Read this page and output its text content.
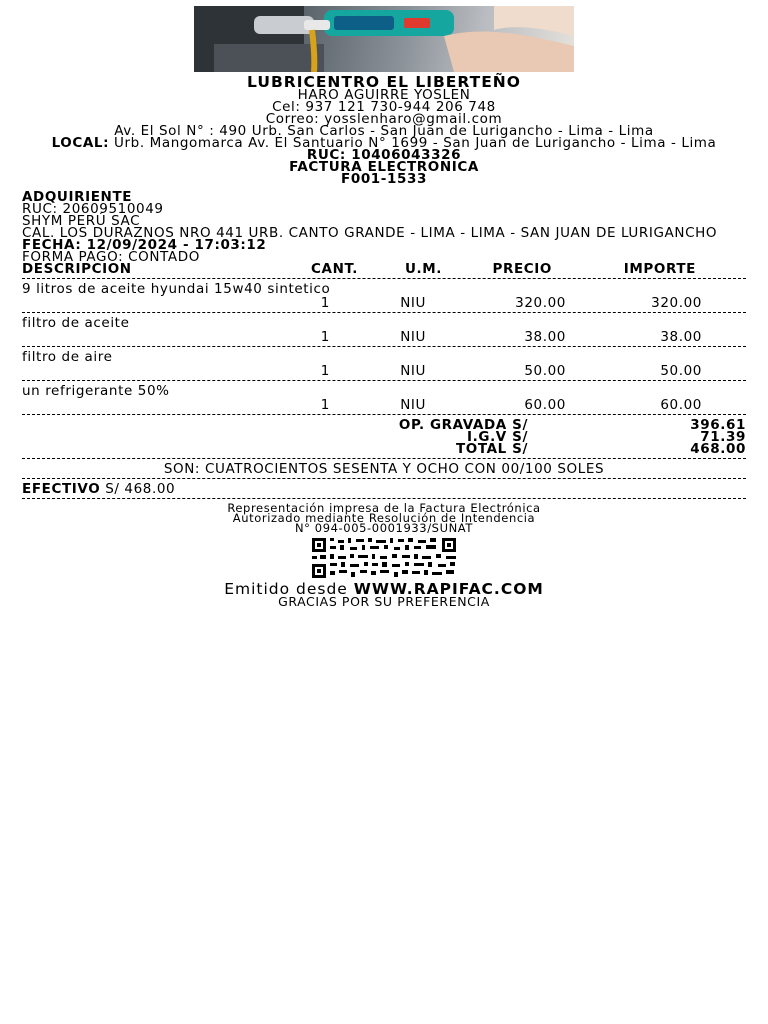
LUBRICENTRO EL LIBERTEÑO
HARO AGUIRRE YOSLEN
Cel: 937 121 730-944 206 748
Correo: yosslenharo@gmail.com
Av. El Sol N° : 490 Urb. San Carlos - San Juan de Lurigancho - Lima - Lima
LOCAL: Urb. Mangomarca Av. El Santuario N° 1699 - San Juan de Lurigancho - Lima - Lima
RUC: 10406043326
FACTURA ELECTRONICA
F001-1533
ADQUIRIENTE
RUC: 20609510049
SHYM PERÚ SAC
CAL. LOS DURAZNOS NRO 441 URB. CANTO GRANDE - LIMA - LIMA - SAN JUAN DE LURIGANCHO
FECHA: 12/09/2024 - 17:03:12
FORMA PAGO: CONTADO
DESCRIPCION	CANT.	U.M.	PRECIO	IMPORTE
9 litros de aceite hyundai 15w40 sintetico
1	NIU	320.00	320.00
filtro de aceite
1	NIU	38.00	38.00
filtro de aire
1	NIU	50.00	50.00
un refrigerante 50%
1	NIU	60.00	60.00
OP. GRAVADA S/	396.61
I.G.V S/	71.39
TOTAL S/	468.00
SON: CUATROCIENTOS SESENTA Y OCHO CON 00/100 SOLES
EFECTIVO S/ 468.00
Representación impresa de la Factura Electrónica
Autorizado mediante Resolución de Intendencia
N° 094-005-0001933/SUNAT
Emitido desde WWW.RAPIFAC.COM
GRACIAS POR SU PREFERENCIA
